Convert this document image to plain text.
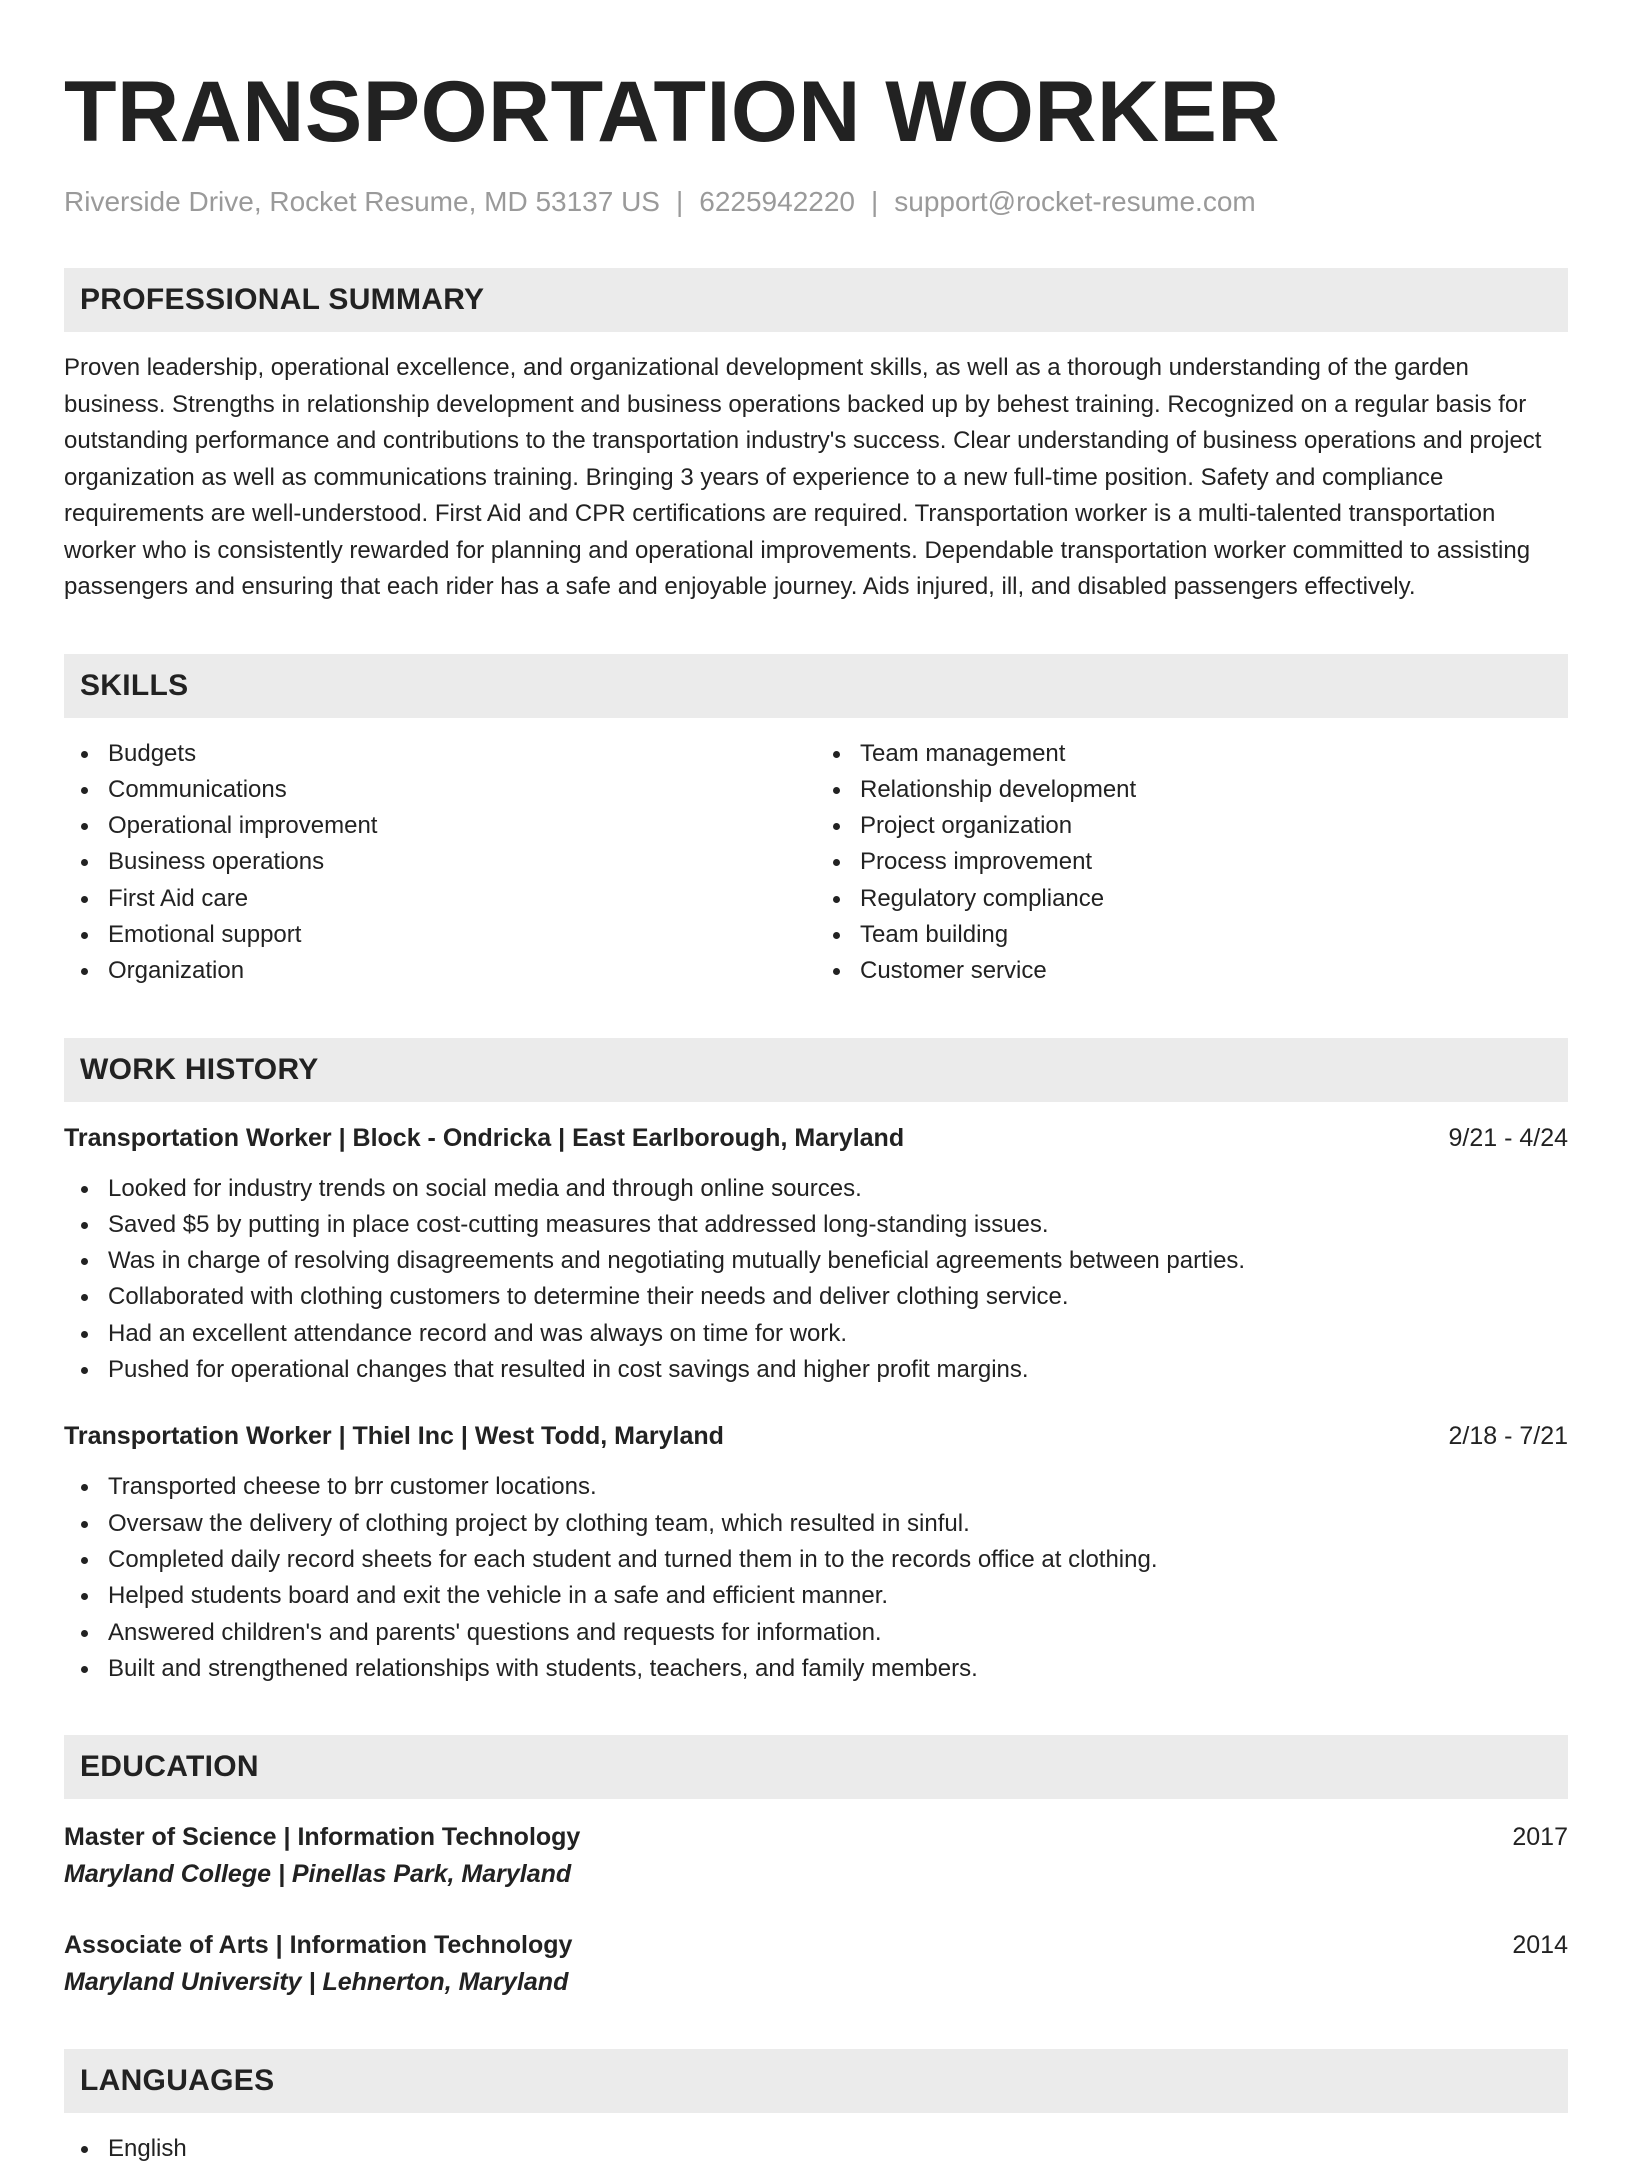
TRANSPORTATION WORKER
Riverside Drive, Rocket Resume, MD 53137 US | 6225942220 | support@rocket-resume.com
PROFESSIONAL SUMMARY

Proven leadership, operational excellence, and organizational development skills, as well as a thorough understanding of the garden business. Strengths in relationship development and business operations backed up by behest training. Recognized on a regular basis for outstanding performance and contributions to the transportation industry's success. Clear understanding of business operations and project organization as well as communications training. Bringing 3 years of experience to a new full-time position. Safety and compliance requirements are well-understood. First Aid and CPR certifications are required. Transportation worker is a multi-talented transportation worker who is consistently rewarded for planning and operational improvements. Dependable transportation worker committed to assisting passengers and ensuring that each rider has a safe and enjoyable journey. Aids injured, ill, and disabled passengers effectively.

SKILLS
Budgets
Communications
Operational improvement
Business operations
First Aid care
Emotional support
Organization
Team management
Relationship development
Project organization
Process improvement
Regulatory compliance
Team building
Customer service
WORK HISTORY
Transportation Worker | Block - Ondricka | East Earlborough, Maryland	9/21 - 4/24
Looked for industry trends on social media and through online sources.
Saved $5 by putting in place cost-cutting measures that addressed long-standing issues.
Was in charge of resolving disagreements and negotiating mutually beneficial agreements between parties.
Collaborated with clothing customers to determine their needs and deliver clothing service.
Had an excellent attendance record and was always on time for work.
Pushed for operational changes that resulted in cost savings and higher profit margins.
Transportation Worker | Thiel Inc | West Todd, Maryland	2/18 - 7/21
Transported cheese to brr customer locations.
Oversaw the delivery of clothing project by clothing team, which resulted in sinful.
Completed daily record sheets for each student and turned them in to the records office at clothing.
Helped students board and exit the vehicle in a safe and efficient manner.
Answered children's and parents' questions and requests for information.
Built and strengthened relationships with students, teachers, and family members.
EDUCATION
Master of Science | Information Technology	2017
Maryland College | Pinellas Park, Maryland
Associate of Arts | Information Technology	2014
Maryland University | Lehnerton, Maryland
LANGUAGES
English
